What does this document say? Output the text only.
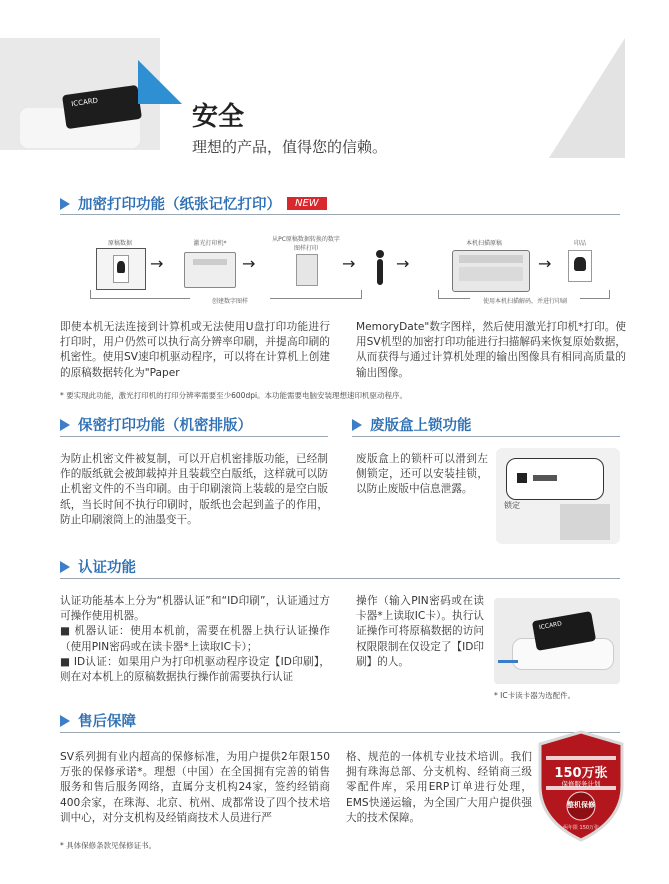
ICCARD	安全
理想的产品，值得您的信赖。
加密打印功能（纸张记忆打印）	NEW
原稿数据
→
激光打印机*
→
从PC原稿数据转换的数字图样打印
→	→
本机扫描原稿
→
印品
创建数字图样	使用本机扫描解码，并进行印刷

即使本机无法连接到计算机或无法使用U盘打印功能进行打印时，用户仍然可以执行高分辨率印刷，并提高印刷的机密性。使用SV速印机驱动程序，可以将在计算机上创建的原稿数据转化为"Paper

MemoryDate"数字图样，然后使用激光打印机*打印。使用SV机型的加密打印功能进行扫描解码来恢复原始数据，从而获得与通过计算机处理的输出图像具有相同高质量的输出图像。

* 要实现此功能，激光打印机的打印分辨率需要至少600dpi。本功能需要电脑安装理想速印机驱动程序。
保密打印功能（机密排版）

为防止机密文件被复制，可以开启机密排版功能，已经制作的版纸就会被卸载掉并且装载空白版纸，这样就可以防止机密文件的不当印刷。由于印刷滚筒上装载的是空白版纸，当长时间不执行印刷时，版纸也会起到盖子的作用，防止印刷滚筒上的油墨变干。

废版盒上锁功能

废版盒上的锁杆可以滑到左侧锁定，还可以安装挂锁，以防止废版中信息泄露。

锁定
认证功能

认证功能基本上分为“机器认证”和“ID印刷”，认证通过方可操作使用机器。

■ 机器认证：使用本机前，需要在机器上执行认证操作（使用PIN密码或在读卡器*上读取IC卡）；

■ ID认证：如果用户为打印机驱动程序设定【ID印刷】，则在对本机上的原稿数据执行操作前需要执行认证

操作（输入PIN密码或在读卡器*上读取IC卡）。执行认证操作可将原稿数据的访问权限限制在仅设定了【ID印刷】的人。

ICCARD
* IC卡读卡器为选配件。
售后保障

SV系列拥有业内超高的保修标准，为用户提供2年限150万张的保修承诺*。理想（中国）在全国拥有完善的销售服务和售后服务网络，直属分支机构24家，签约经销商400余家，在珠海、北京、杭州、成都常设了四个技术培训中心，对分支机构及经销商技术人员进行严

格、规范的一体机专业技术培训。我们拥有珠海总部、分支机构、经销商三级零配件库，采用ERP订单进行处理，EMS快递运输，为全国广大用户提供强大的技术保障。

* 具体保修条款见保修证书。
150万张
保修服务计划
整机保修
两年限 150万张
